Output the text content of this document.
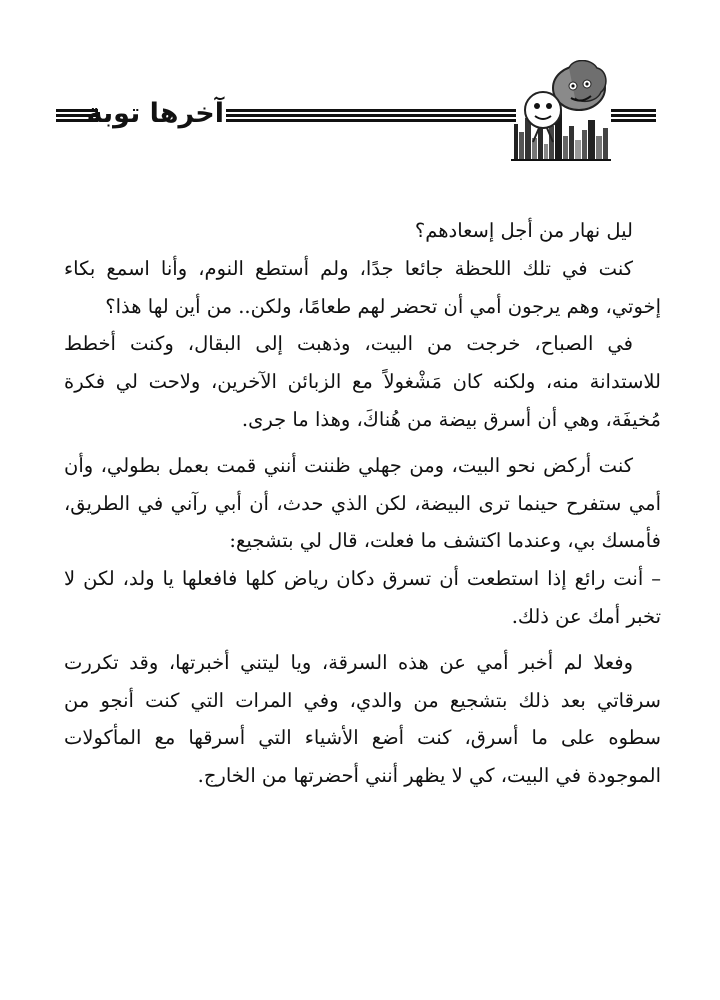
آخرها توبة

ليل نهار من أجل إسعادهم؟

كنت في تلك اللحظة جائعا جدًا، ولم أستطع النوم، وأنا اسمع بكاء إخوتي، وهم يرجون أمي أن تحضر لهم طعامًا، ولكن.. من أين لها هذا؟

في الصباح، خرجت من البيت، وذهبت إلى البقال، وكنت أخطط للاستدانة منه، ولكنه كان مَشْغولاً مع الزبائن الآخرين، ولاحت لي فكرة مُخيفَة، وهي أن أسرق بيضة من هُناكَ، وهذا ما جرى.

كنت أركض نحو البيت، ومن جهلي ظننت أنني قمت بعمل بطولي، وأن أمي ستفرح حينما ترى البيضة، لكن الذي حدث، أن أبي رآني في الطريق، فأمسك بي، وعندما اكتشف ما فعلت، قال لي بتشجيع:

– أنت رائع إذا استطعت أن تسرق دكان رياض كلها فافعلها يا ولد، لكن لا تخبر أمك عن ذلك.

وفعلا لم أخبر أمي عن هذه السرقة، ويا ليتني أخبرتها، وقد تكررت سرقاتي بعد ذلك بتشجيع من والدي، وفي المرات التي كنت أنجو من سطوه على ما أسرق، كنت أضع الأشياء التي أسرقها مع المأكولات الموجودة في البيت، كي لا يظهر أنني أحضرتها من الخارج.
